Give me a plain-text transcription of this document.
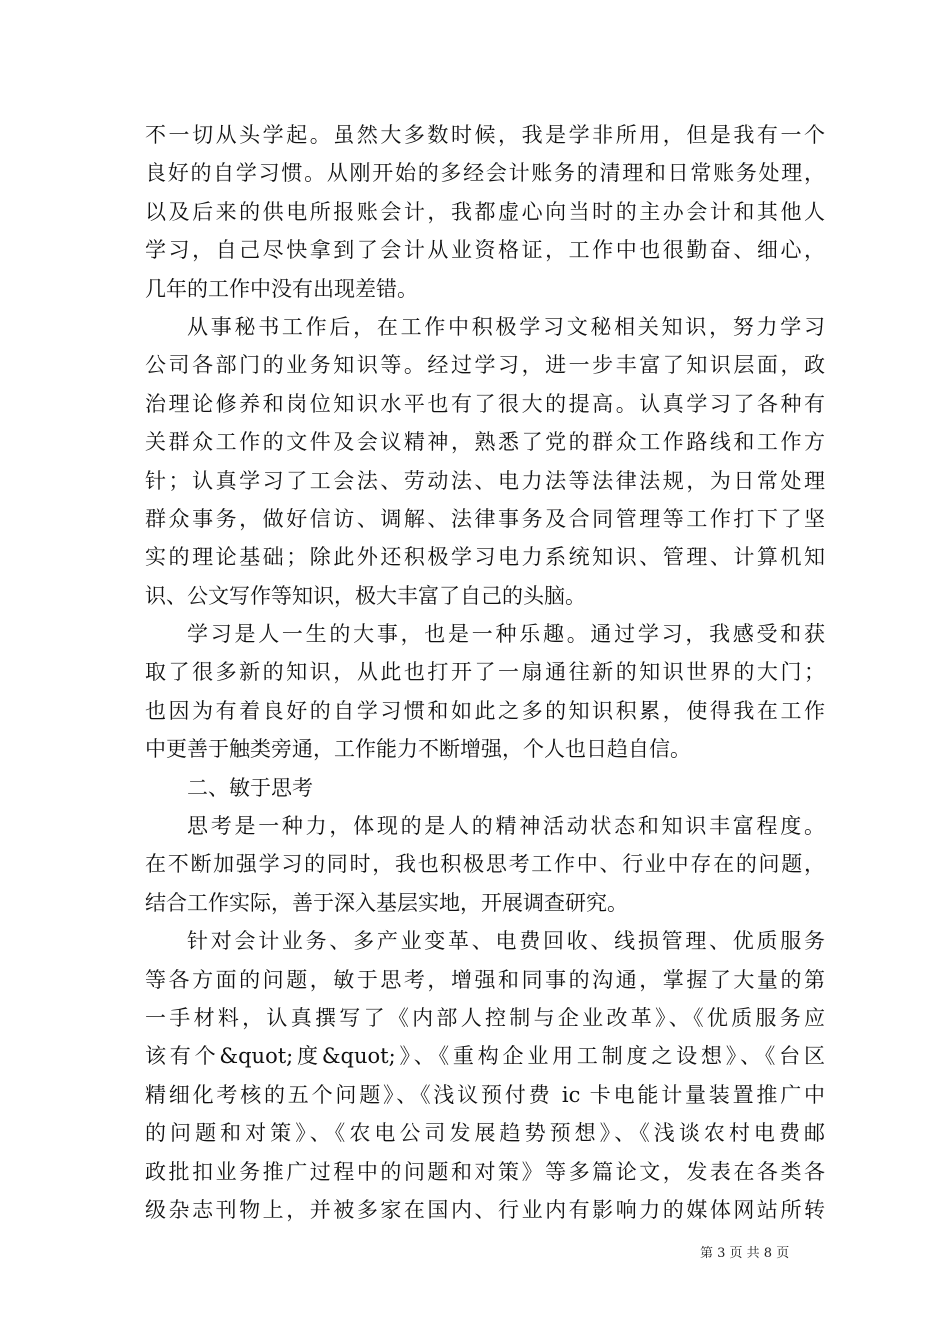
不一切从头学起。虽然大多数时候，我是学非所用，但是我有一个
良好的自学习惯。从刚开始的多经会计账务的清理和日常账务处理，
以及后来的供电所报账会计，我都虚心向当时的主办会计和其他人
学习，自己尽快拿到了会计从业资格证，工作中也很勤奋、细心，
几年的工作中没有出现差错。
从事秘书工作后，在工作中积极学习文秘相关知识，努力学习
公司各部门的业务知识等。经过学习，进一步丰富了知识层面，政
治理论修养和岗位知识水平也有了很大的提高。认真学习了各种有
关群众工作的文件及会议精神，熟悉了党的群众工作路线和工作方
针；认真学习了工会法、劳动法、电力法等法律法规，为日常处理
群众事务，做好信访、调解、法律事务及合同管理等工作打下了坚
实的理论基础；除此外还积极学习电力系统知识、管理、计算机知
识、公文写作等知识，极大丰富了自己的头脑。
学习是人一生的大事，也是一种乐趣。通过学习，我感受和获
取了很多新的知识，从此也打开了一扇通往新的知识世界的大门；
也因为有着良好的自学习惯和如此之多的知识积累，使得我在工作
中更善于触类旁通，工作能力不断增强，个人也日趋自信。
二、敏于思考
思考是一种力，体现的是人的精神活动状态和知识丰富程度。
在不断加强学习的同时，我也积极思考工作中、行业中存在的问题，
结合工作实际，善于深入基层实地，开展调查研究。
针对会计业务、多产业变革、电费回收、线损管理、优质服务
等各方面的问题，敏于思考，增强和同事的沟通，掌握了大量的第
一手材料，认真撰写了《内部人控制与企业改革》、《优质服务应
该有个&quot;度&quot;》、《重构企业用工制度之设想》、《台区
精细化考核的五个问题》、《浅议预付费 ic 卡电能计量装置推广中
的问题和对策》、《农电公司发展趋势预想》、《浅谈农村电费邮
政批扣业务推广过程中的问题和对策》等多篇论文，发表在各类各
级杂志刊物上，并被多家在国内、行业内有影响力的媒体网站所转
第 3 页 共 8 页
